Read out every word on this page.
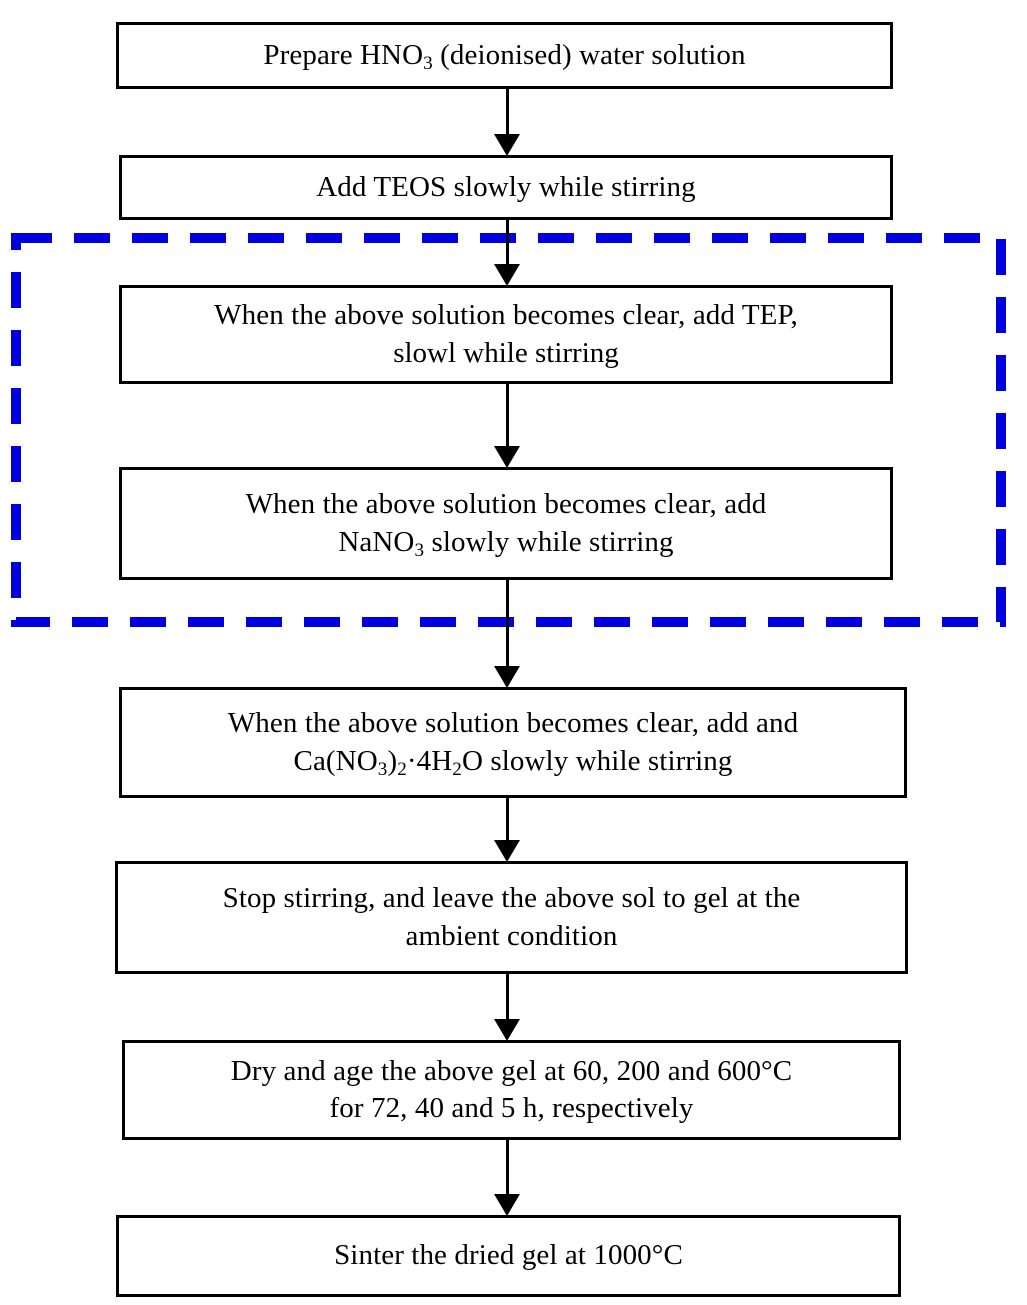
Prepare $HNO_3$ (deionised) water solution
Add TEOS slowly while stirring
When the above solution becomes clear, add TEP,
slowl while stirring
When the above solution becomes clear, add
NaNO$_3$ slowly while stirring
When the above solution becomes clear, add and
$Ca(NO_3)_2\cdot 4H_2O$ slowly while stirring
Stop stirring, and leave the above sol to gel at the
ambient condition
Dry and age the above gel at 60, 200 and 600°C
for 72, 40 and 5 h, respectively
Sinter the dried gel at 1000°C
